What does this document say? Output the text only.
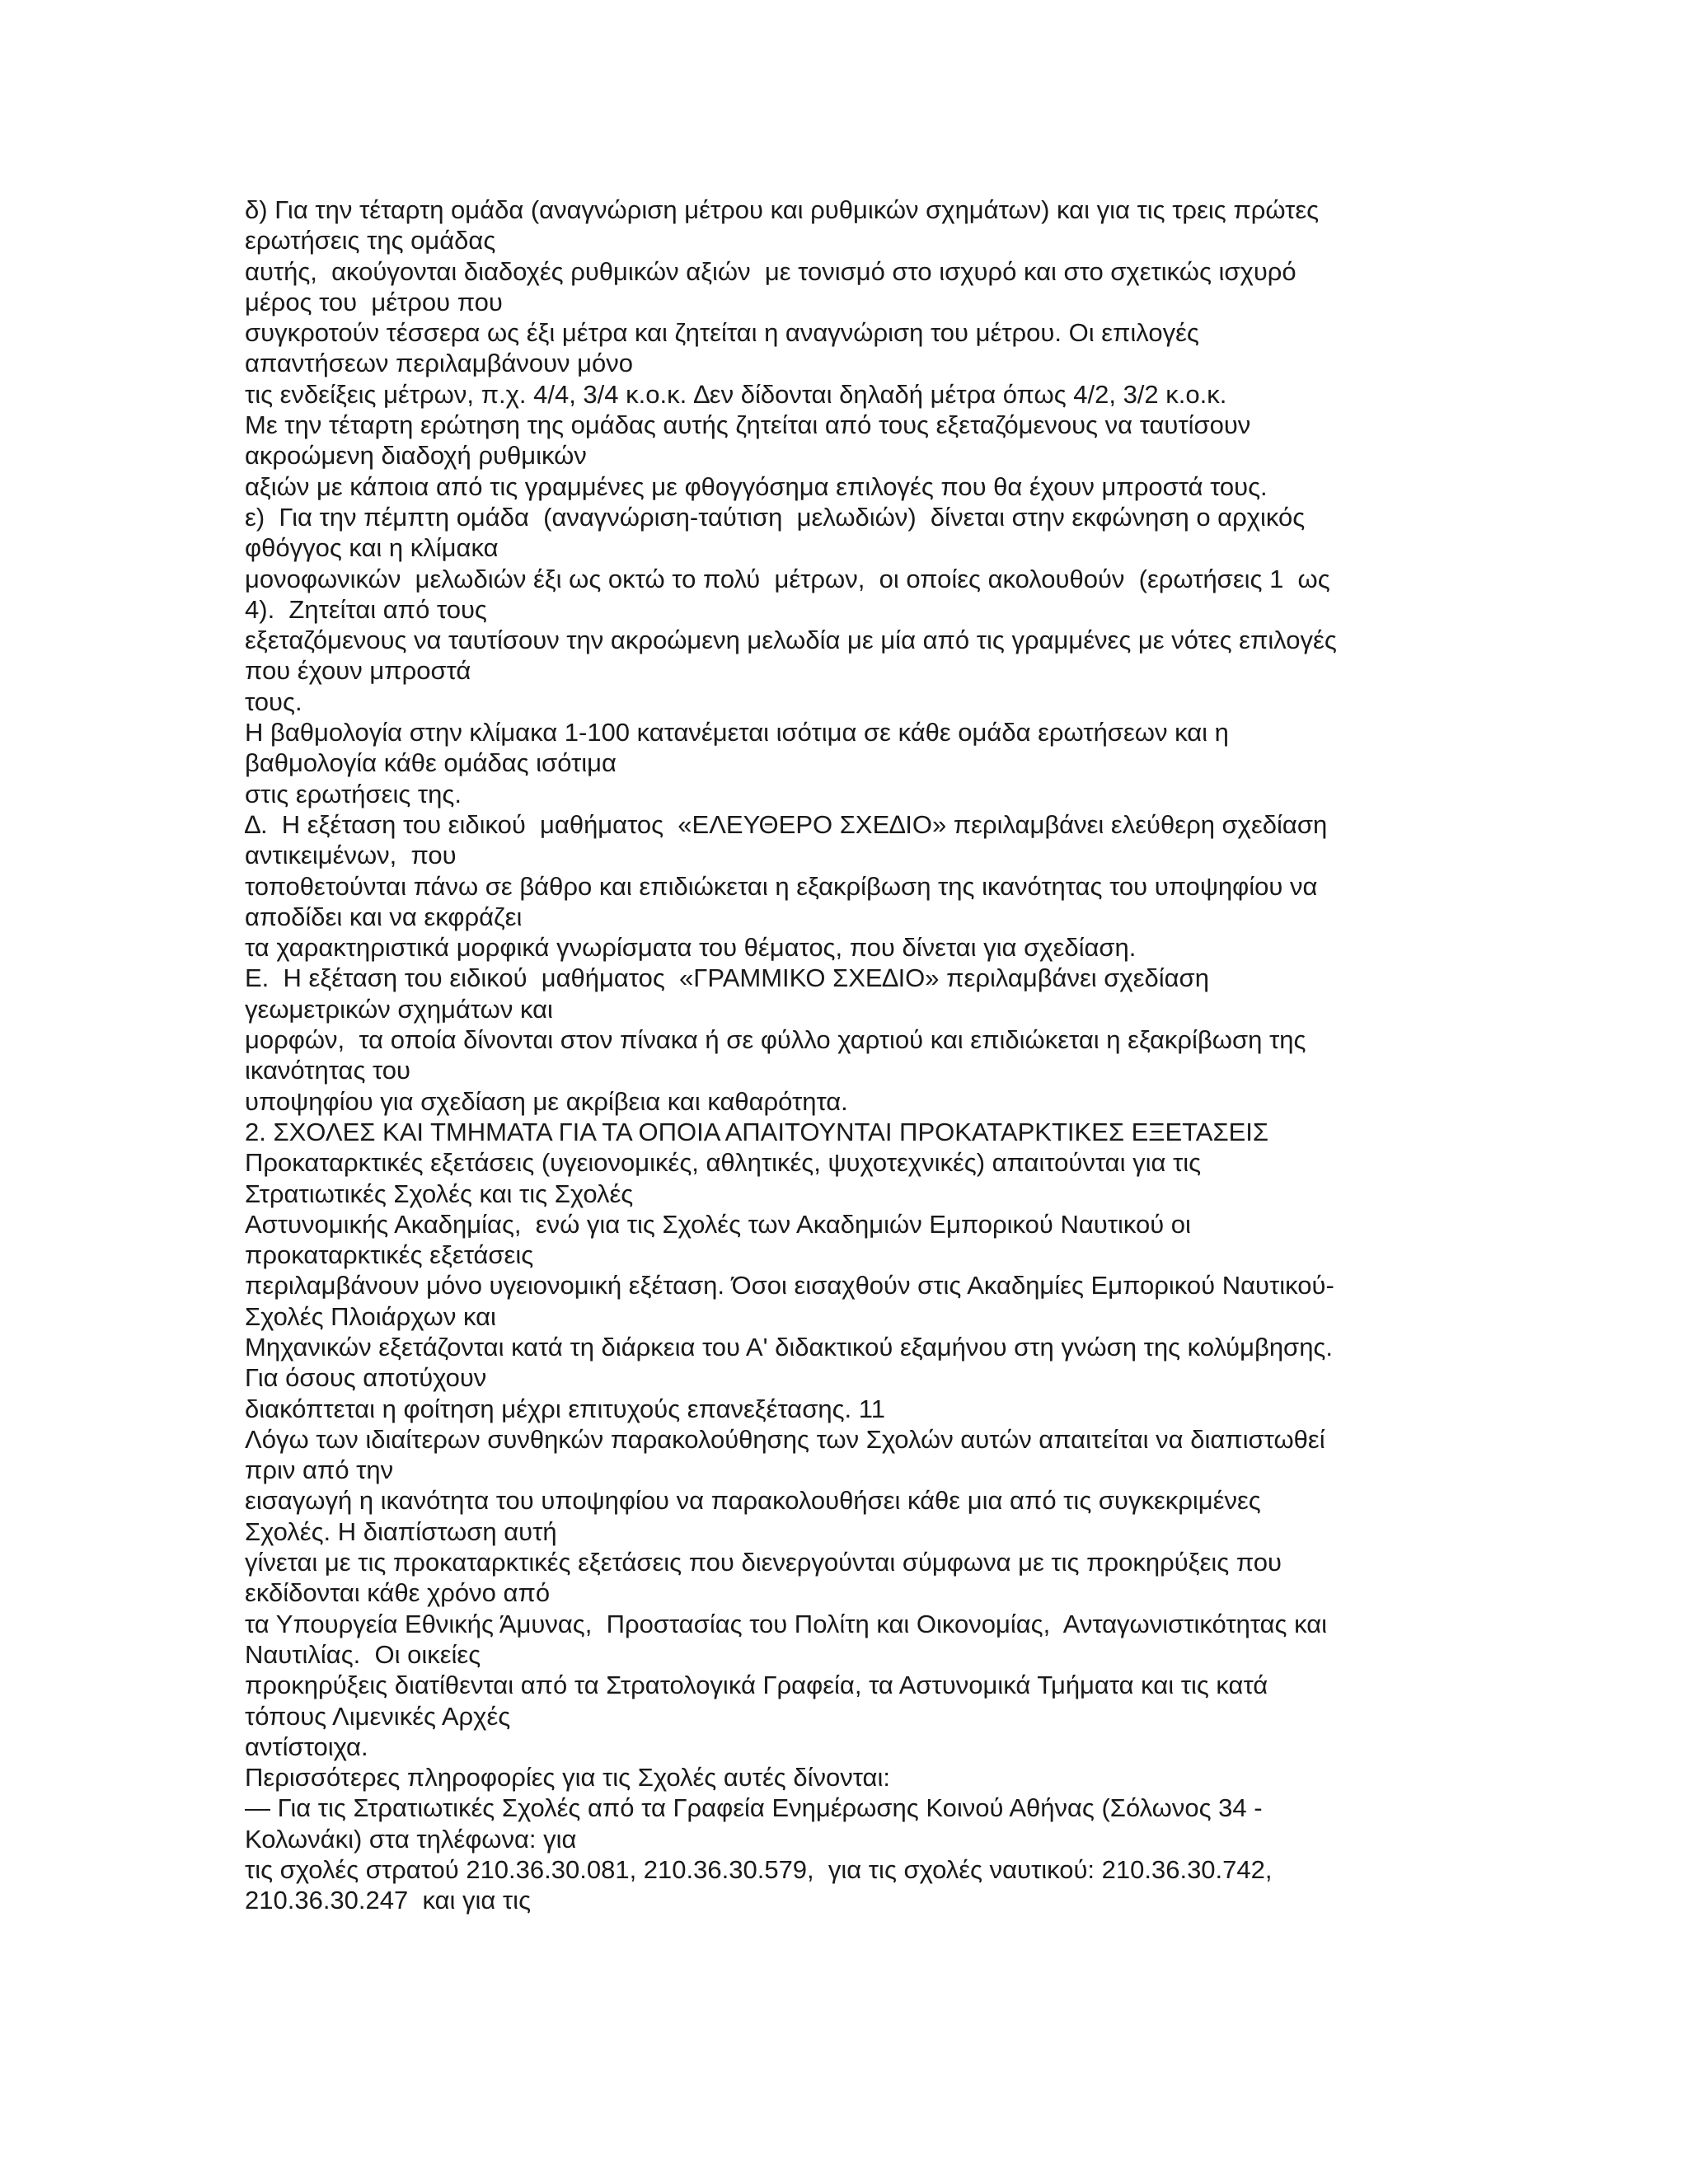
δ) Για την τέταρτη ομάδα (αναγνώριση μέτρου και ρυθμικών σχημάτων) και για τις τρεις πρώτες
ερωτήσεις της ομάδας
αυτής,  ακούγονται διαδοχές ρυθμικών αξιών  με τονισμό στο ισχυρό και στο σχετικώς ισχυρό
μέρος του  μέτρου που
συγκροτούν τέσσερα ως έξι μέτρα και ζητείται η αναγνώριση του μέτρου. Οι επιλογές
απαντήσεων περιλαμβάνουν μόνο
τις ενδείξεις μέτρων, π.χ. 4/4, 3/4 κ.ο.κ. ∆εν δίδονται δηλαδή μέτρα όπως 4/2, 3/2 κ.ο.κ.
Με την τέταρτη ερώτηση της ομάδας αυτής ζητείται από τους εξεταζόμενους να ταυτίσουν
ακροώμενη διαδοχή ρυθμικών
αξιών με κάποια από τις γραμμένες με φθογγόσημα επιλογές που θα έχουν μπροστά τους.
ε)  Για την πέμπτη ομάδα  (αναγνώριση-ταύτιση  μελωδιών)  δίνεται στην εκφώνηση ο αρχικός
φθόγγος και η κλίμακα
μονοφωνικών  μελωδιών έξι ως οκτώ το πολύ  μέτρων,  οι οποίες ακολουθούν  (ερωτήσεις 1  ως
4).  Ζητείται από τους
εξεταζόμενους να ταυτίσουν την ακροώμενη μελωδία με μία από τις γραμμένες με νότες επιλογές
που έχουν μπροστά
τους.
Η βαθμολογία στην κλίμακα 1-100 κατανέμεται ισότιμα σε κάθε ομάδα ερωτήσεων και η
βαθμολογία κάθε ομάδας ισότιμα
στις ερωτήσεις της.
∆.  Η εξέταση του ειδικού  μαθήματος  «ΕΛΕΥΘΕΡΟ ΣΧΕ∆ΙΟ» περιλαμβάνει ελεύθερη σχεδίαση
αντικειμένων,  που
τοποθετούνται πάνω σε βάθρο και επιδιώκεται η εξακρίβωση της ικανότητας του υποψηφίου να
αποδίδει και να εκφράζει
τα χαρακτηριστικά μορφικά γνωρίσματα του θέματος, που δίνεται για σχεδίαση.
Ε.  Η εξέταση του ειδικού  μαθήματος  «ΓΡΑΜΜΙΚΟ ΣΧΕ∆ΙΟ» περιλαμβάνει σχεδίαση
γεωμετρικών σχημάτων και
μορφών,  τα οποία δίνονται στον πίνακα ή σε φύλλο χαρτιού και επιδιώκεται η εξακρίβωση της
ικανότητας του
υποψηφίου για σχεδίαση με ακρίβεια και καθαρότητα.
2. ΣΧΟΛΕΣ ΚΑΙ ΤΜΗΜΑΤΑ ΓΙΑ ΤΑ ΟΠΟΙΑ ΑΠΑΙΤΟΥΝΤΑΙ ΠΡΟΚΑΤΑΡΚΤΙΚΕΣ ΕΞΕΤΑΣΕΙΣ
Προκαταρκτικές εξετάσεις (υγειονομικές, αθλητικές, ψυχοτεχνικές) απαιτούνται για τις
Στρατιωτικές Σχολές και τις Σχολές
Αστυνομικής Ακαδημίας,  ενώ για τις Σχολές των Ακαδημιών Εμπορικού Ναυτικού οι
προκαταρκτικές εξετάσεις
περιλαμβάνουν μόνο υγειονομική εξέταση. Όσοι εισαχθούν στις Ακαδημίες Εμπορικού Ναυτικού-
Σχολές Πλοιάρχων και
Μηχανικών εξετάζονται κατά τη διάρκεια του Α' διδακτικού εξαμήνου στη γνώση της κολύμβησης.
Για όσους αποτύχουν
διακόπτεται η φοίτηση μέχρι επιτυχούς επανεξέτασης. 11
Λόγω των ιδιαίτερων συνθηκών παρακολούθησης των Σχολών αυτών απαιτείται να διαπιστωθεί
πριν από την
εισαγωγή η ικανότητα του υποψηφίου να παρακολουθήσει κάθε μια από τις συγκεκριμένες
Σχολές. Η διαπίστωση αυτή
γίνεται με τις προκαταρκτικές εξετάσεις που διενεργούνται σύμφωνα με τις προκηρύξεις που
εκδίδονται κάθε χρόνο από
τα Υπουργεία Εθνικής Άμυνας,  Προστασίας του Πολίτη και Οικονομίας,  Ανταγωνιστικότητας και
Ναυτιλίας.  Οι οικείες
προκηρύξεις διατίθενται από τα Στρατολογικά Γραφεία, τα Αστυνομικά Τμήματα και τις κατά
τόπους Λιμενικές Αρχές
αντίστοιχα.
Περισσότερες πληροφορίες για τις Σχολές αυτές δίνονται:
— Για τις Στρατιωτικές Σχολές από τα Γραφεία Ενημέρωσης Κοινού Αθήνας (Σόλωνος 34 -
Κολωνάκι) στα τηλέφωνα: για
τις σχολές στρατού 210.36.30.081, 210.36.30.579,  για τις σχολές ναυτικού: 210.36.30.742,
210.36.30.247  και για τις
